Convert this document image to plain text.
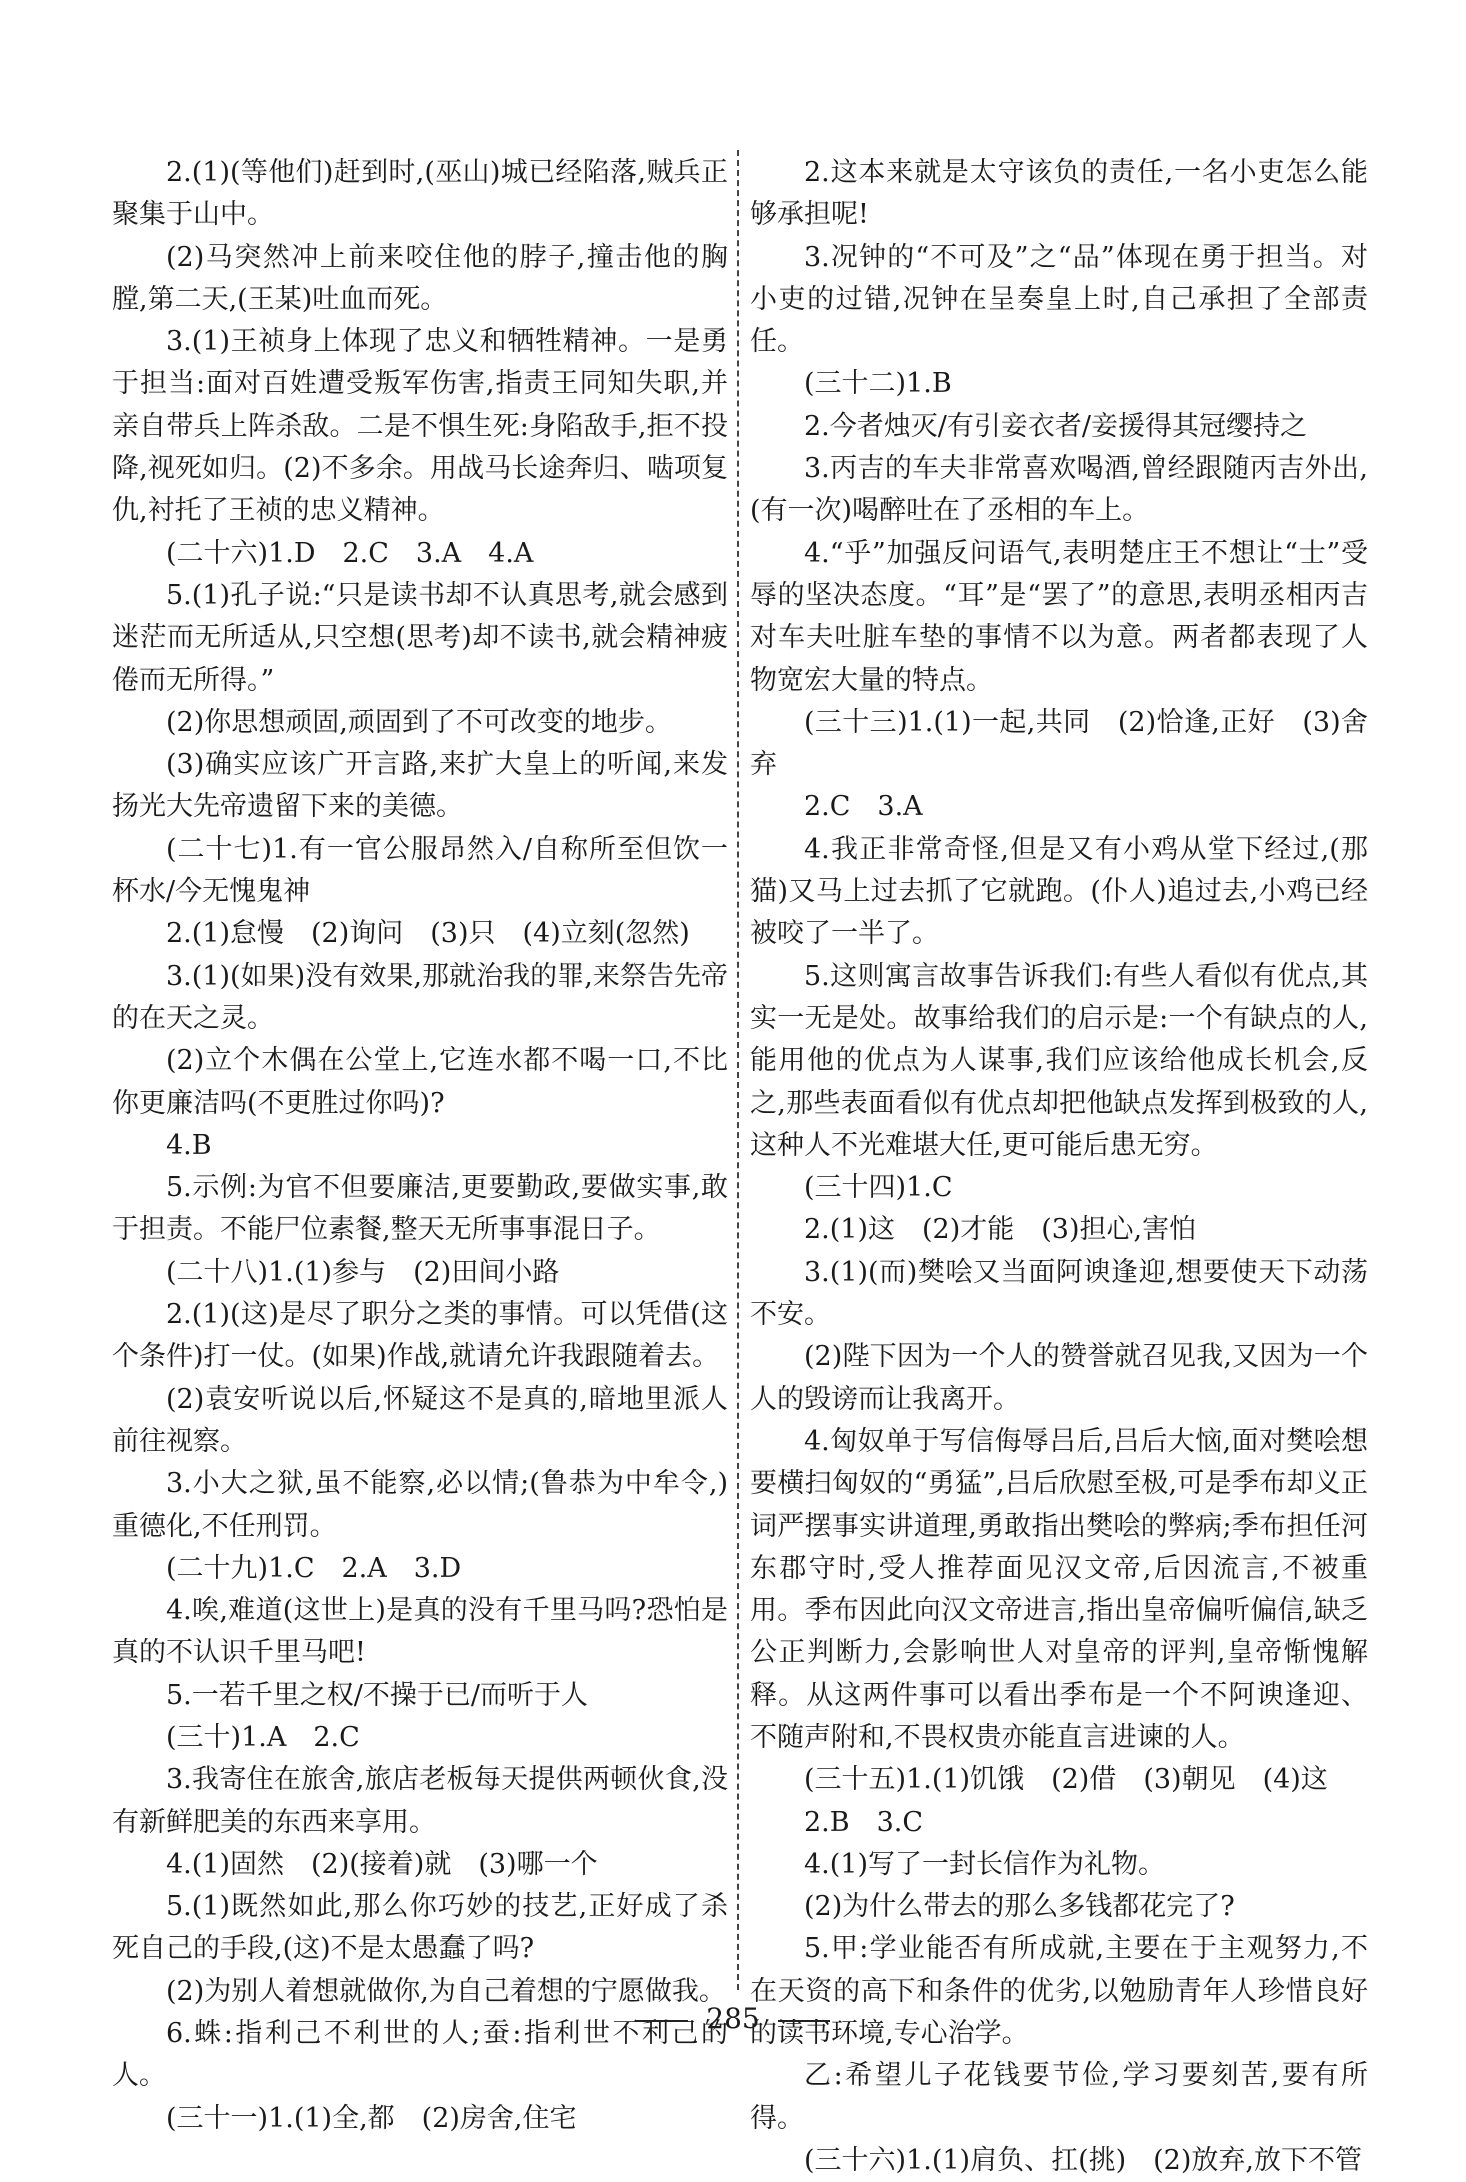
2.(1)(等他们)赶到时,(巫山)城已经陷落,贼兵正聚集于山中。

(2)马突然冲上前来咬住他的脖子,撞击他的胸膛,第二天,(王某)吐血而死。

3.(1)王祯身上体现了忠义和牺牲精神。一是勇于担当:面对百姓遭受叛军伤害,指责王同知失职,并亲自带兵上阵杀敌。二是不惧生死:身陷敌手,拒不投降,视死如归。(2)不多余。用战马长途奔归、啮项复仇,衬托了王祯的忠义精神。

(二十六)1.D　2.C　3.A　4.A

5.(1)孔子说:“只是读书却不认真思考,就会感到迷茫而无所适从,只空想(思考)却不读书,就会精神疲倦而无所得。”

(2)你思想顽固,顽固到了不可改变的地步。

(3)确实应该广开言路,来扩大皇上的听闻,来发扬光大先帝遗留下来的美德。

(二十七)1.有一官公服昂然入/自称所至但饮一杯水/今无愧鬼神

2.(1)怠慢　(2)询问　(3)只　(4)立刻(忽然)

3.(1)(如果)没有效果,那就治我的罪,来祭告先帝的在天之灵。

(2)立个木偶在公堂上,它连水都不喝一口,不比你更廉洁吗(不更胜过你吗)?

4.B

5.示例:为官不但要廉洁,更要勤政,要做实事,敢于担责。不能尸位素餐,整天无所事事混日子。

(二十八)1.(1)参与　(2)田间小路

2.(1)(这)是尽了职分之类的事情。可以凭借(这个条件)打一仗。(如果)作战,就请允许我跟随着去。

(2)袁安听说以后,怀疑这不是真的,暗地里派人前往视察。

3.小大之狱,虽不能察,必以情;(鲁恭为中牟令,)重德化,不任刑罚。

(二十九)1.C　2.A　3.D

4.唉,难道(这世上)是真的没有千里马吗?恐怕是真的不认识千里马吧!

5.一若千里之权/不操于已/而听于人

(三十)1.A　2.C

3.我寄住在旅舍,旅店老板每天提供两顿伙食,没有新鲜肥美的东西来享用。

4.(1)固然　(2)(接着)就　(3)哪一个

5.(1)既然如此,那么你巧妙的技艺,正好成了杀死自己的手段,(这)不是太愚蠢了吗?

(2)为别人着想就做你,为自己着想的宁愿做我。

6.蛛:指利己不利世的人;蚕:指利世不利己的人。

(三十一)1.(1)全,都　(2)房舍,住宅

2.这本来就是太守该负的责任,一名小吏怎么能够承担呢!

3.况钟的“不可及”之“品”体现在勇于担当。对小吏的过错,况钟在呈奏皇上时,自己承担了全部责任。

(三十二)1.B

2.今者烛灭/有引妾衣者/妾援得其冠缨持之

3.丙吉的车夫非常喜欢喝酒,曾经跟随丙吉外出,(有一次)喝醉吐在了丞相的车上。

4.“乎”加强反问语气,表明楚庄王不想让“士”受辱的坚决态度。“耳”是“罢了”的意思,表明丞相丙吉对车夫吐脏车垫的事情不以为意。两者都表现了人物宽宏大量的特点。

(三十三)1.(1)一起,共同　(2)恰逢,正好　(3)舍弃

2.C　3.A

4.我正非常奇怪,但是又有小鸡从堂下经过,(那猫)又马上过去抓了它就跑。(仆人)追过去,小鸡已经被咬了一半了。

5.这则寓言故事告诉我们:有些人看似有优点,其实一无是处。故事给我们的启示是:一个有缺点的人,能用他的优点为人谋事,我们应该给他成长机会,反之,那些表面看似有优点却把他缺点发挥到极致的人,这种人不光难堪大任,更可能后患无穷。

(三十四)1.C

2.(1)这　(2)才能　(3)担心,害怕

3.(1)(而)樊哙又当面阿谀逢迎,想要使天下动荡不安。

(2)陛下因为一个人的赞誉就召见我,又因为一个人的毁谤而让我离开。

4.匈奴单于写信侮辱吕后,吕后大恼,面对樊哙想要横扫匈奴的“勇猛”,吕后欣慰至极,可是季布却义正词严摆事实讲道理,勇敢指出樊哙的弊病;季布担任河东郡守时,受人推荐面见汉文帝,后因流言,不被重用。季布因此向汉文帝进言,指出皇帝偏听偏信,缺乏公正判断力,会影响世人对皇帝的评判,皇帝惭愧解释。从这两件事可以看出季布是一个不阿谀逢迎、不随声附和,不畏权贵亦能直言进谏的人。

(三十五)1.(1)饥饿　(2)借　(3)朝见　(4)这

2.B　3.C

4.(1)写了一封长信作为礼物。

(2)为什么带去的那么多钱都花完了?

5.甲:学业能否有所成就,主要在于主观努力,不在天资的高下和条件的优劣,以勉励青年人珍惜良好的读书环境,专心治学。

乙:希望儿子花钱要节俭,学习要刻苦,要有所得。

(三十六)1.(1)肩负、扛(挑)　(2)放弃,放下不管

285
